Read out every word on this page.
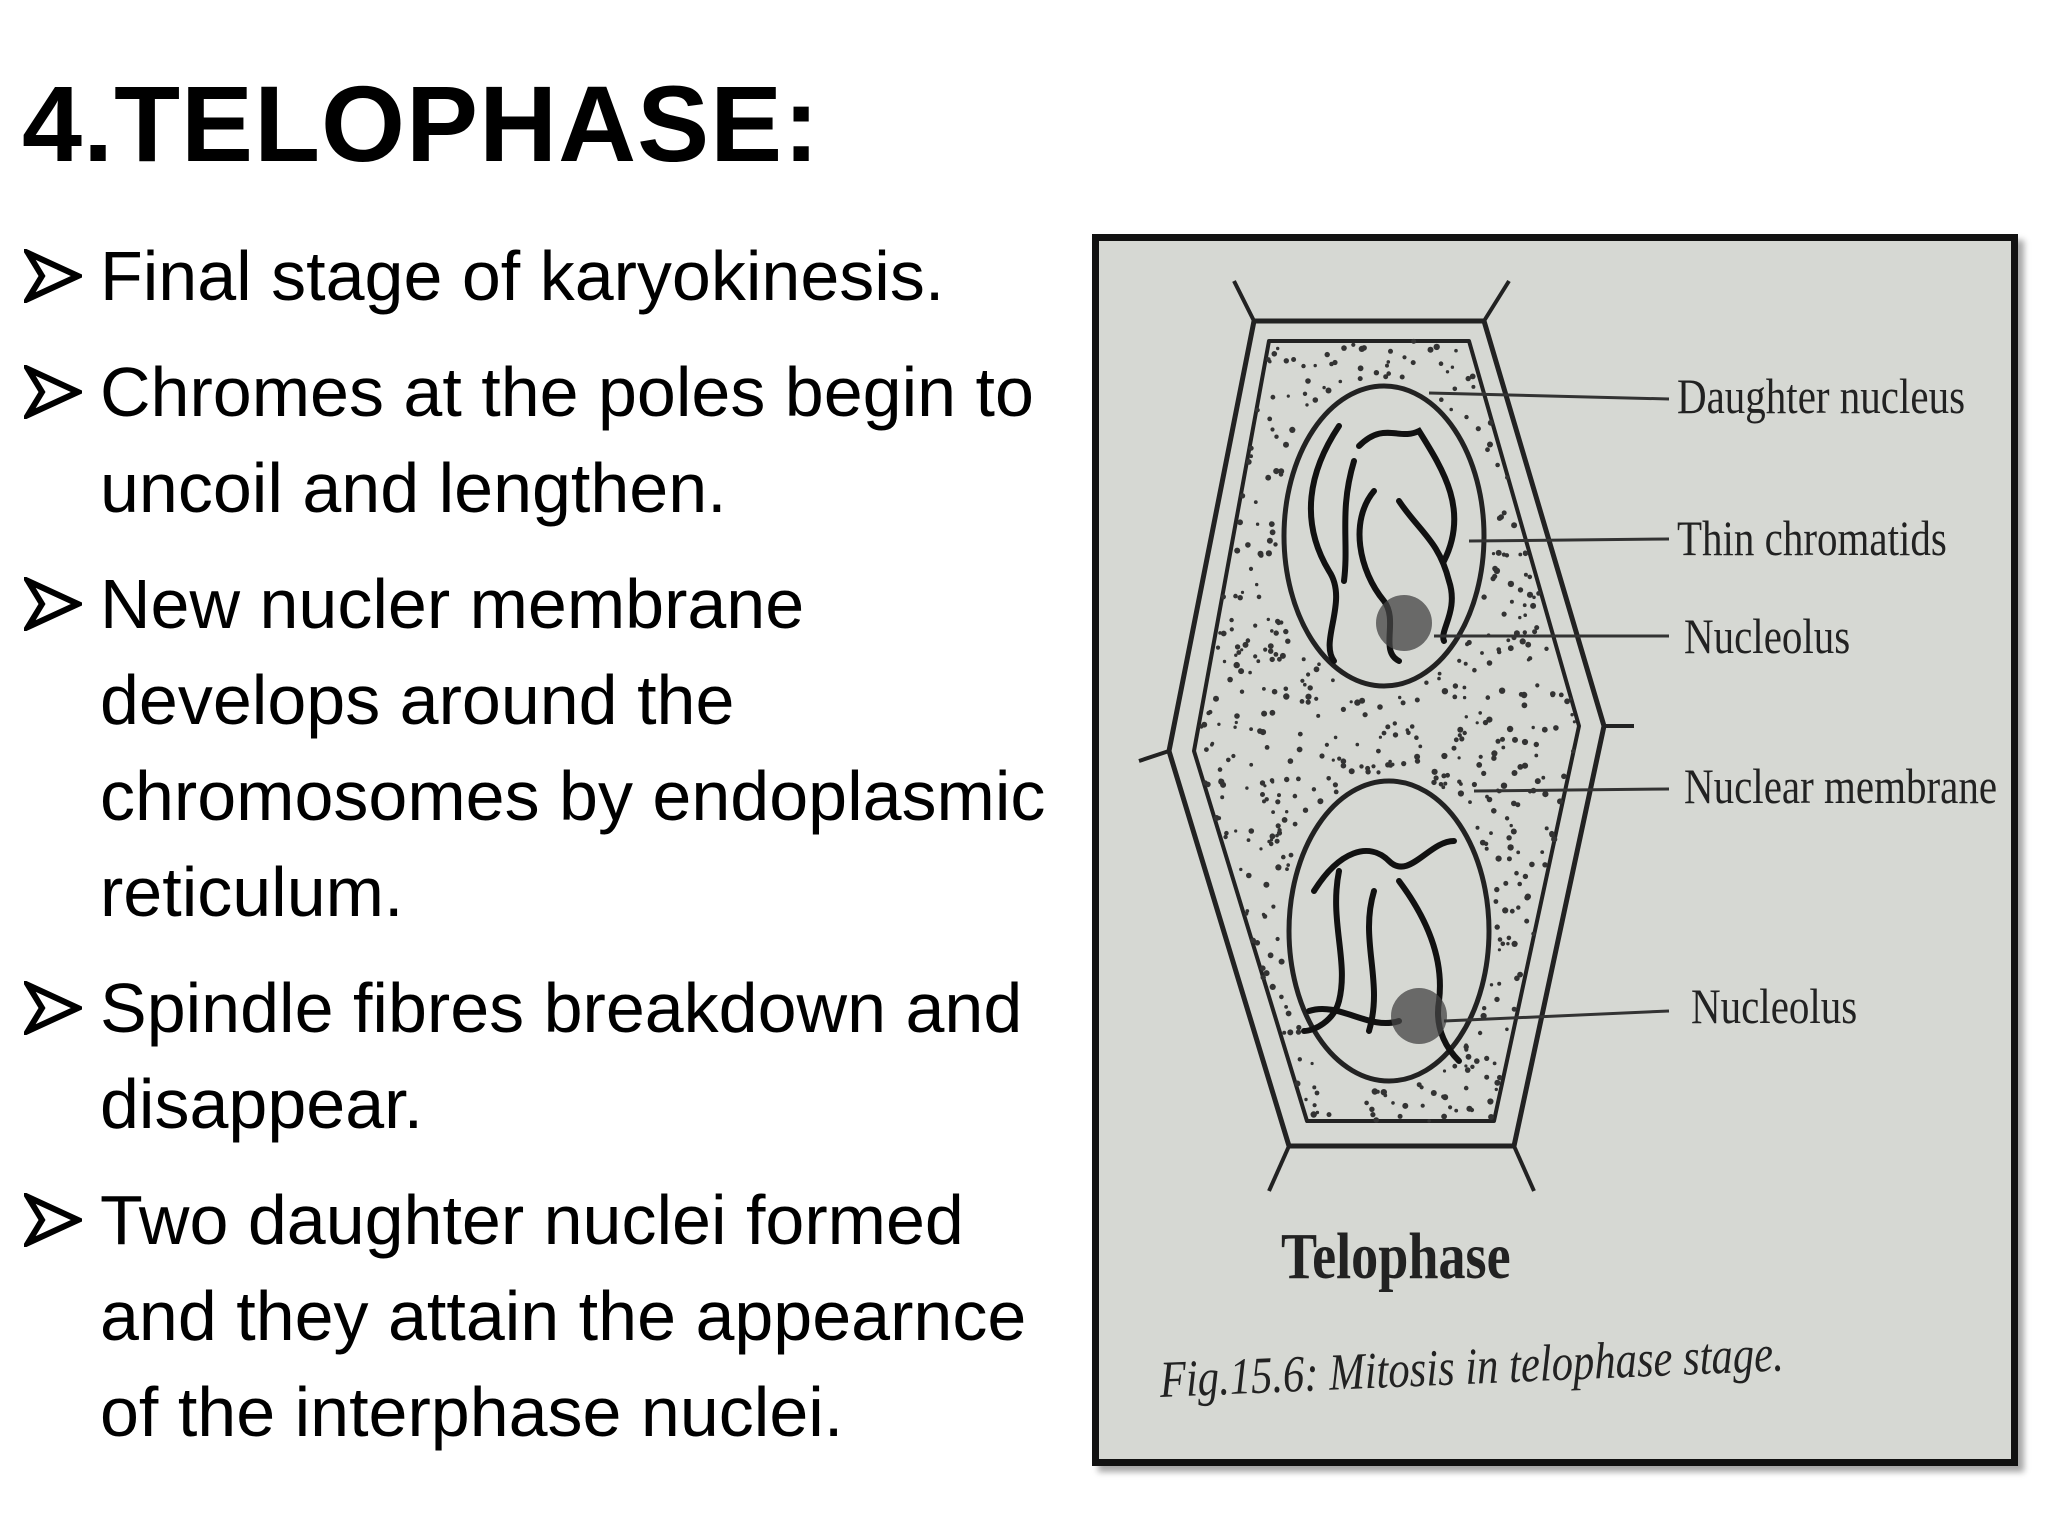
4.TELOPHASE:
Final stage of karyokinesis.
Chromes at the poles begin to
uncoil and lengthen.
New nucler membrane
develops around the
chromosomes by endoplasmic
reticulum.
Spindle fibres breakdown and
disappear.
Two daughter nuclei formed
and they attain the appearnce
of the interphase nuclei.
Daughter nucleus
Thin chromatids
Nucleolus
Nuclear membrane
Nucleolus
Telophase
Fig.15.6: Mitosis in telophase stage.
